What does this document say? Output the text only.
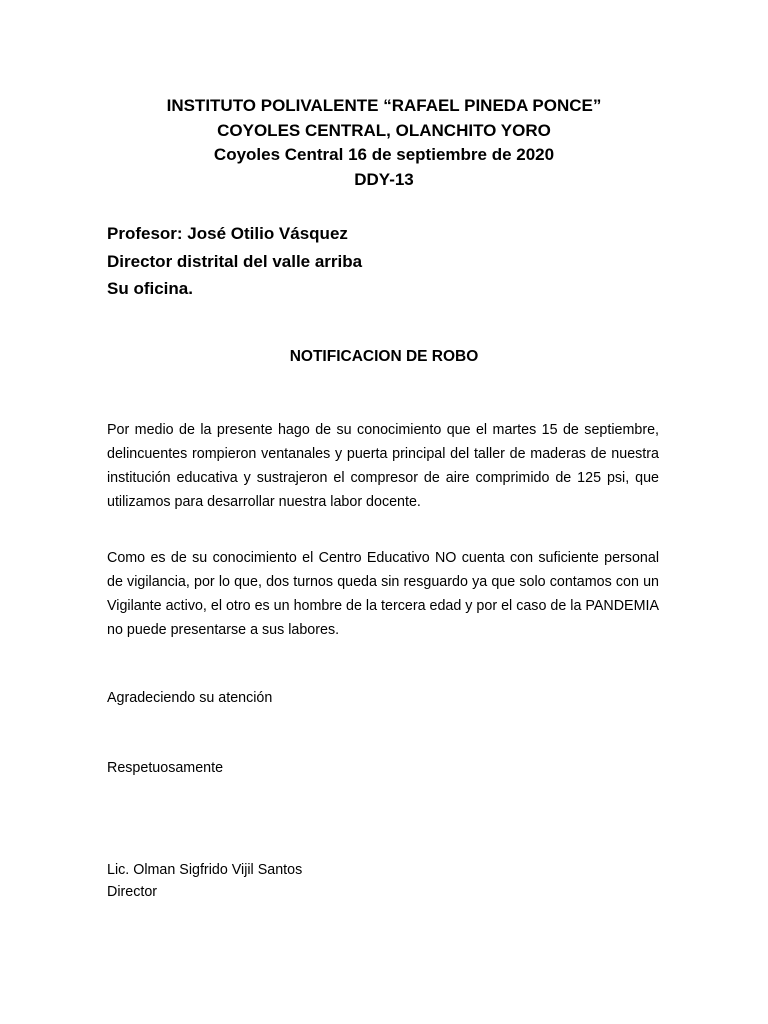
INSTITUTO POLIVALENTE “RAFAEL PINEDA PONCE”
COYOLES CENTRAL, OLANCHITO YORO
Coyoles Central 16 de septiembre de 2020
DDY-13
Profesor: José Otilio Vásquez
Director distrital del valle arriba
Su oficina.
NOTIFICACION DE ROBO

Por medio de la presente hago de su conocimiento que el martes 15 de septiembre, delincuentes rompieron ventanales y puerta principal del taller de maderas de nuestra institución educativa y sustrajeron el compresor de aire comprimido de 125 psi, que utilizamos para desarrollar nuestra labor docente.

Como es de su conocimiento el Centro Educativo NO cuenta con suficiente personal de vigilancia, por lo que, dos turnos queda sin resguardo ya que solo contamos con un Vigilante activo, el otro es un hombre de la tercera edad y por el caso de la PANDEMIA no puede presentarse a sus labores.

Agradeciendo su atención
Respetuosamente
Lic. Olman Sigfrido Vijil Santos
Director
